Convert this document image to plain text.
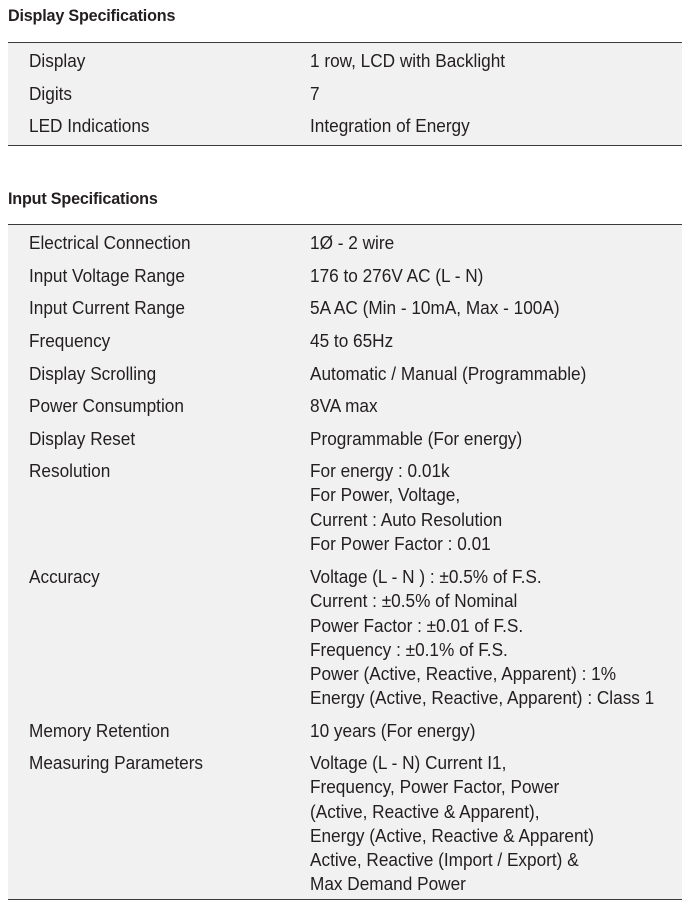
Display Specifications
Display	1 row, LCD with Backlight
Digits	7
LED Indications	Integration of Energy
Input Specifications
Electrical Connection	1Ø - 2 wire
Input Voltage Range	176 to 276V AC (L - N)
Input Current Range	5A AC (Min - 10mA, Max - 100A)
Frequency	45 to 65Hz
Display Scrolling	Automatic / Manual (Programmable)
Power Consumption	8VA max
Display Reset	Programmable (For energy)
Resolution	For energy : 0.01k
For Power, Voltage,
Current : Auto Resolution
For Power Factor : 0.01
Accuracy	Voltage (L - N ) : ±0.5% of F.S.
Current : ±0.5% of Nominal
Power Factor : ±0.01 of F.S.
Frequency : ±0.1% of F.S.
Power (Active, Reactive, Apparent) : 1%
Energy (Active, Reactive, Apparent) : Class 1
Memory Retention	10 years (For energy)
Measuring Parameters	Voltage (L - N) Current I1,
Frequency, Power Factor, Power
(Active, Reactive & Apparent),
Energy (Active, Reactive & Apparent)
Active, Reactive (Import / Export) &
Max Demand Power
